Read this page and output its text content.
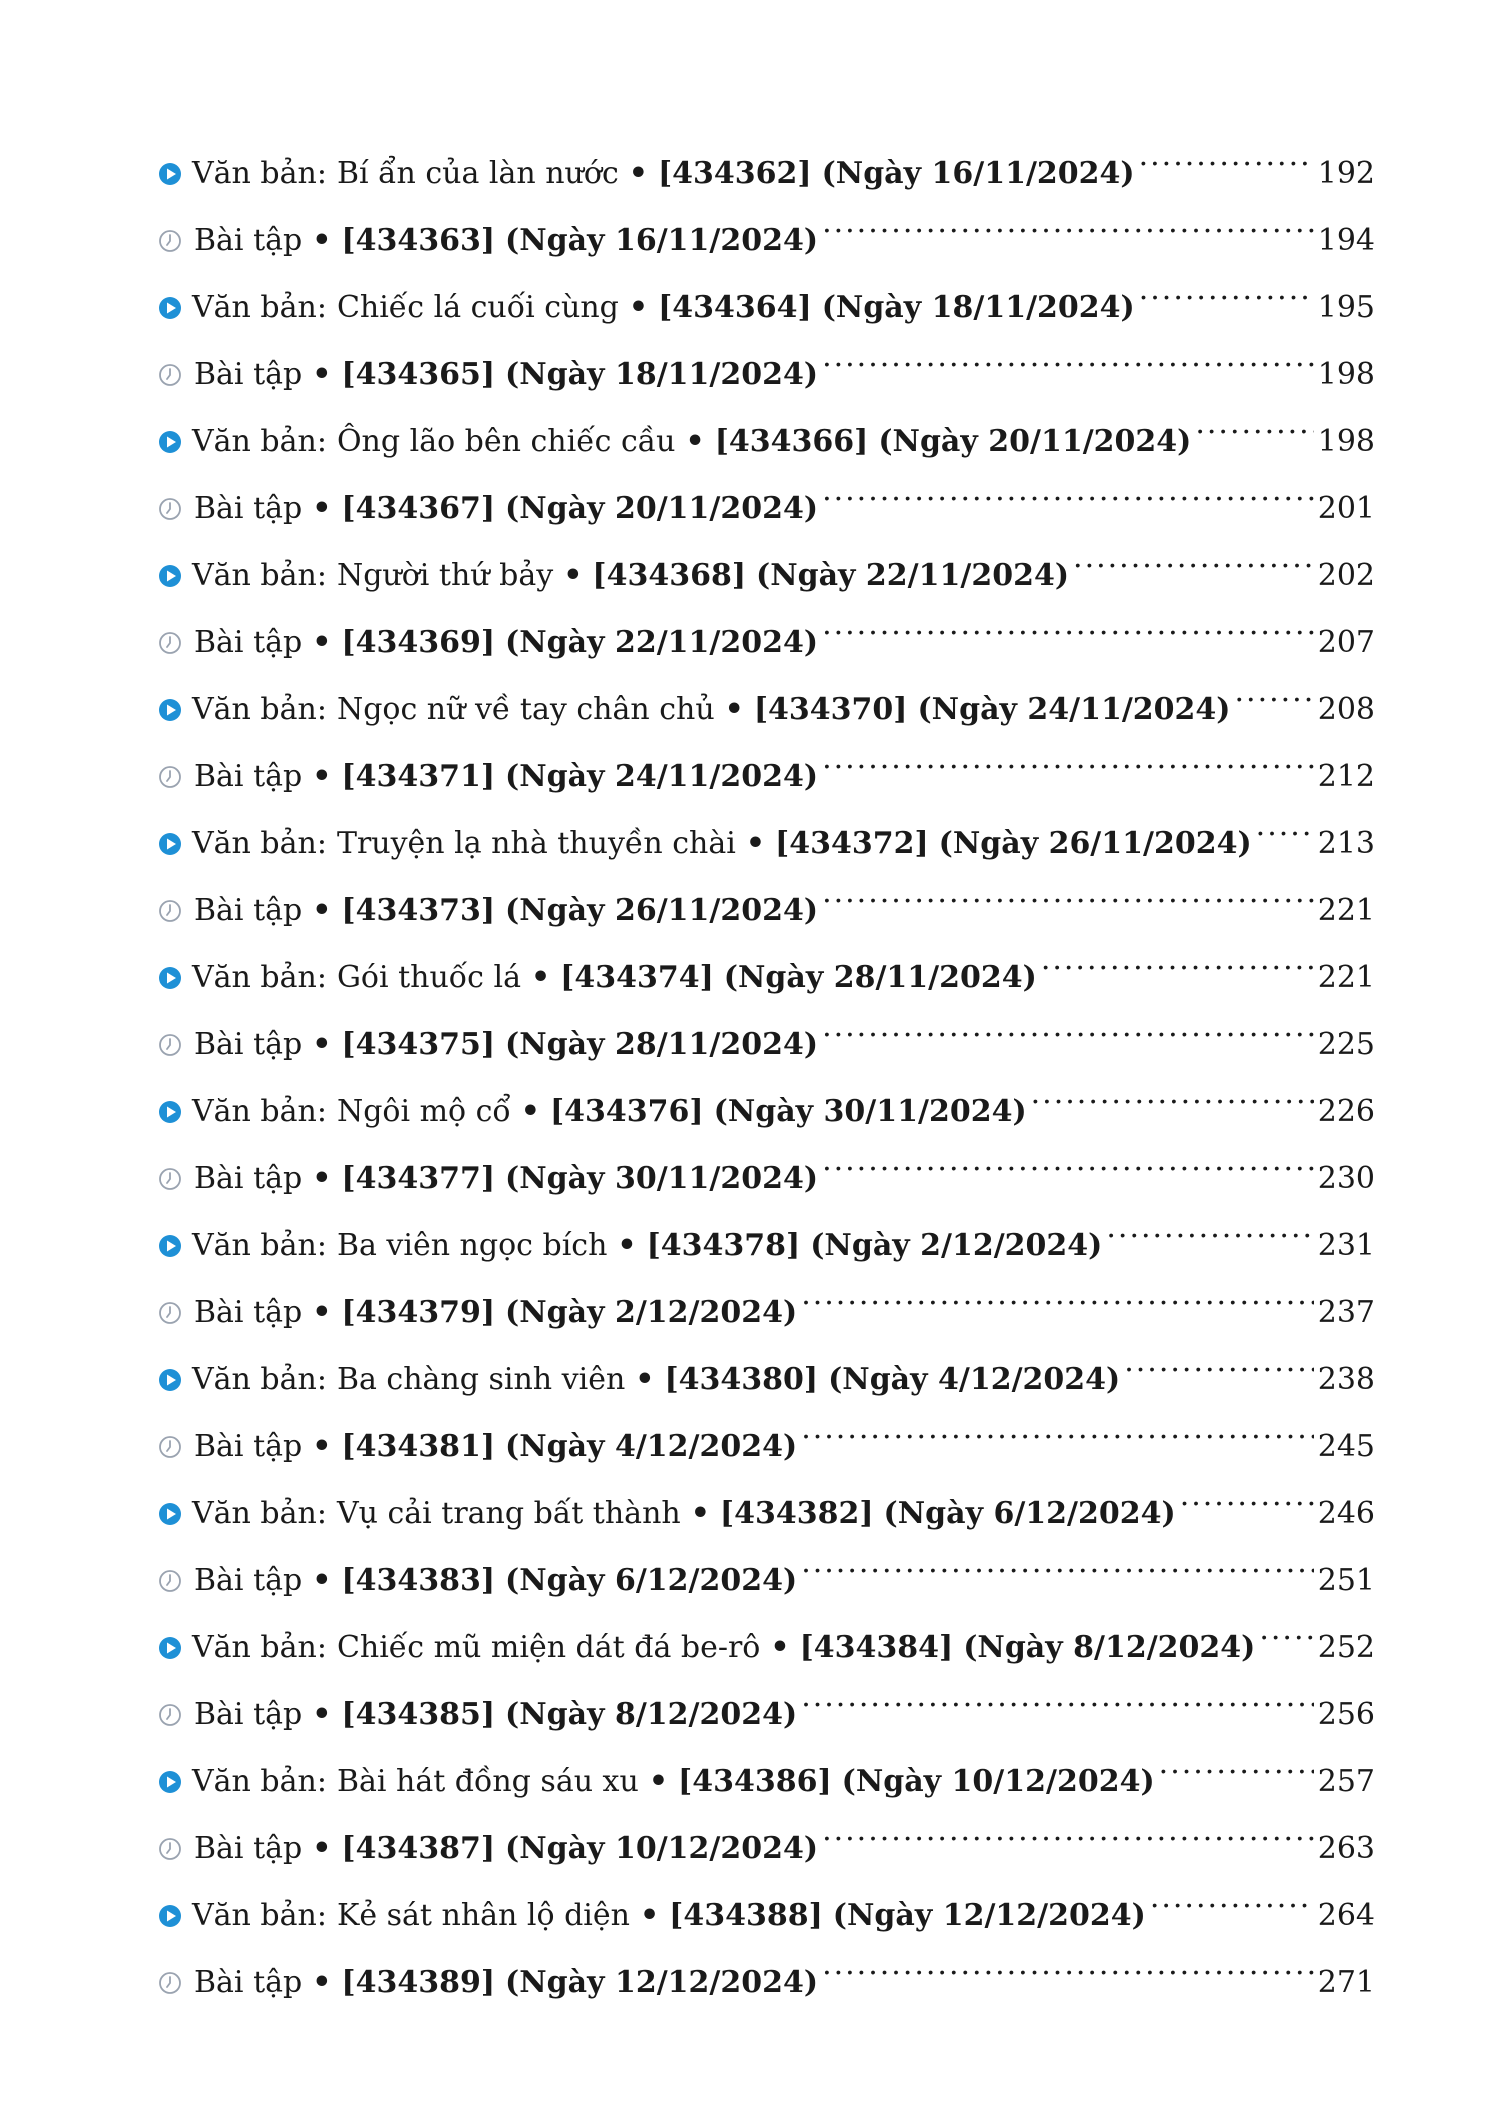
Văn bản: Bí ẩn của làn nước • [434362] (Ngày 16/11/2024) .....	192
Bài tập • [434363] (Ngày 16/11/2024) .....	194
Văn bản: Chiếc lá cuối cùng • [434364] (Ngày 18/11/2024) .....	195
Bài tập • [434365] (Ngày 18/11/2024) .....	198
Văn bản: Ông lão bên chiếc cầu • [434366] (Ngày 20/11/2024) .....	198
Bài tập • [434367] (Ngày 20/11/2024) .....	201
Văn bản: Người thứ bảy • [434368] (Ngày 22/11/2024) .....	202
Bài tập • [434369] (Ngày 22/11/2024) .....	207
Văn bản: Ngọc nữ về tay chân chủ • [434370] (Ngày 24/11/2024) .....	208
Bài tập • [434371] (Ngày 24/11/2024) .....	212
Văn bản: Truyện lạ nhà thuyền chài • [434372] (Ngày 26/11/2024) ..... 213
Bài tập • [434373] (Ngày 26/11/2024) .....	221
Văn bản: Gói thuốc lá • [434374] (Ngày 28/11/2024) .....	221
Bài tập • [434375] (Ngày 28/11/2024) .....	225
Văn bản: Ngôi mộ cổ • [434376] (Ngày 30/11/2024) .....	226
Bài tập • [434377] (Ngày 30/11/2024) .....	230
Văn bản: Ba viên ngọc bích • [434378] (Ngày 2/12/2024) .....	231
Bài tập • [434379] (Ngày 2/12/2024) .....	237
Văn bản: Ba chàng sinh viên • [434380] (Ngày 4/12/2024) .....	238
Bài tập • [434381] (Ngày 4/12/2024) .....	245
Văn bản: Vụ cải trang bất thành • [434382] (Ngày 6/12/2024) .....	246
Bài tập • [434383] (Ngày 6/12/2024) .....	251
Văn bản: Chiếc mũ miện dát đá be-rô • [434384] (Ngày 8/12/2024) ..... 252
Bài tập • [434385] (Ngày 8/12/2024) .....	256
Văn bản: Bài hát đồng sáu xu • [434386] (Ngày 10/12/2024) .....	257
Bài tập • [434387] (Ngày 10/12/2024) .....	263
Văn bản: Kẻ sát nhân lộ diện • [434388] (Ngày 12/12/2024) .....	264
Bài tập • [434389] (Ngày 12/12/2024) .....	271
